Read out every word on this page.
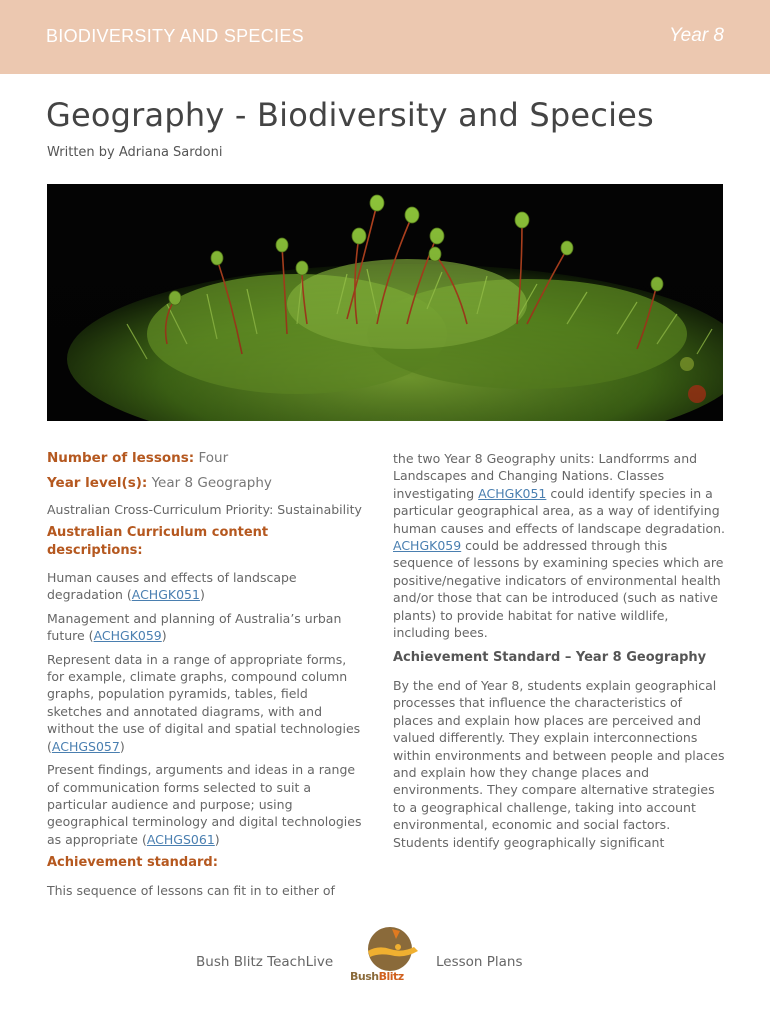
BIODIVERSITY AND SPECIES	Year 8
Geography - Biodiversity and Species
Written by Adriana Sardoni

Number of lessons: Four

Year level(s): Year 8 Geography

Australian Cross-Curriculum Priority: Sustainability

Australian Curriculum content descriptions:

Human causes and effects of landscape degradation (ACHGK051)

Management and planning of Australia’s urban future (ACHGK059)

Represent data in a range of appropriate forms, for example, climate graphs, compound column graphs, population pyramids, tables, field sketches and annotated diagrams, with and without the use of digital and spatial technologies (ACHGS057)

Present findings, arguments and ideas in a range of communication forms selected to suit a particular audience and purpose; using geographical terminology and digital technologies as appropriate (ACHGS061)

Achievement standard:

This sequence of lessons can fit in to either of

the two Year 8 Geography units: Landforrms and Landscapes and Changing Nations. Classes investigating ACHGK051 could identify species in a particular geographical area, as a way of identifying human causes and effects of landscape degradation. ACHGK059 could be addressed through this sequence of lessons by examining species which are positive/negative indicators of environmental health and/or those that can be introduced (such as native plants) to provide habitat for native wildlife, including bees.

Achievement Standard – Year 8 Geography

By the end of Year 8, students explain geographical processes that influence the characteristics of places and explain how places are perceived and valued differently. They explain interconnections within environments and between people and places and explain how they change places and environments. They compare alternative strategies to a geographical challenge, taking into account environmental, economic and social factors.

Students identify geographically significant

Bush Blitz TeachLive
BushBlitz
Lesson Plans
